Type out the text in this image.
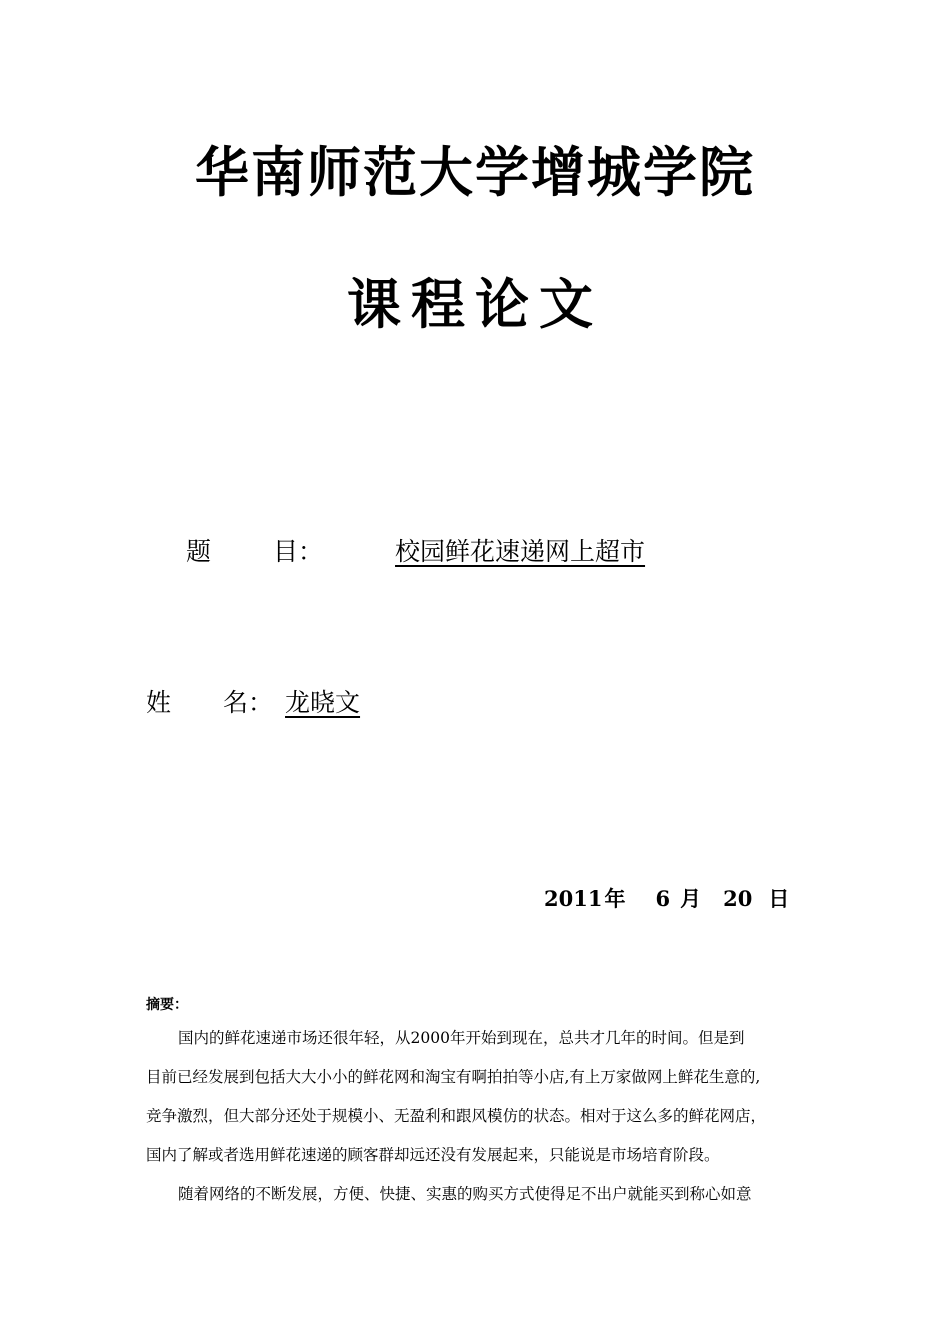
华南师范大学增城学院
课程论文
题 目：	校园鲜花速递网上超市
姓 名： 龙晓文
2011年 6 月 20 日
摘要：
国内的鲜花速递市场还很年轻，从2000年开始到现在，总共才几年的时间。但是到
目前已经发展到包括大大小小的鲜花网和淘宝有啊拍拍等小店,有上万家做网上鲜花生意的,
竞争激烈，但大部分还处于规模小、无盈利和跟风模仿的状态。相对于这么多的鲜花网店，
国内了解或者选用鲜花速递的顾客群却远还没有发展起来，只能说是市场培育阶段。
随着网络的不断发展，方便、快捷、实惠的购买方式使得足不出户就能买到称心如意
